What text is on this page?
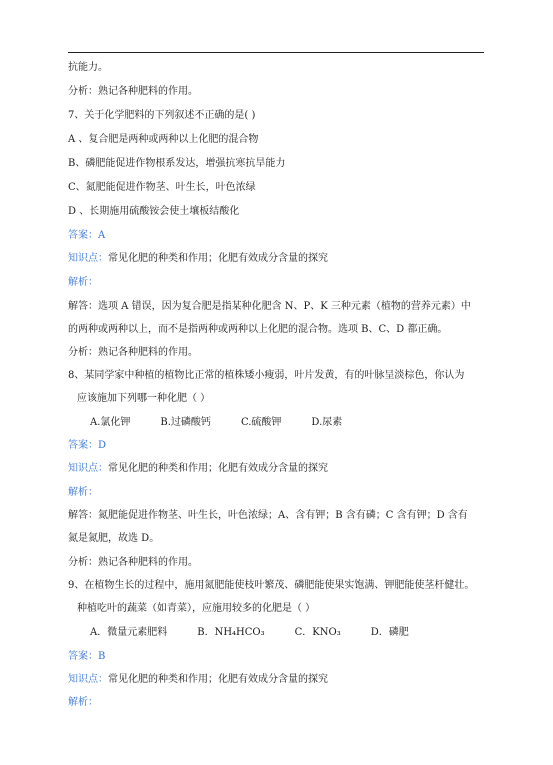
抗能力。
分析：熟记各种肥料的作用。
7、关于化学肥料的下列叙述不正确的是( )
A 、复合肥是两种或两种以上化肥的混合物
B、磷肥能促进作物根系发达，增强抗寒抗旱能力
C、氮肥能促进作物茎、叶生长，叶色浓绿
D 、长期施用硫酸铵会使土壤板结酸化
答案：A
知识点：常见化肥的种类和作用；化肥有效成分含量的探究
解析：
解答：选项 A 错误，因为复合肥是指某种化肥含 N、P、K 三种元素（植物的营养元素）中
的两种或两种以上，而不是指两种或两种以上化肥的混合物。选项 B、C、D 都正确。
分析：熟记各种肥料的作用。
8、某同学家中种植的植物比正常的植株矮小瘦弱，叶片发黄，有的叶脉呈淡棕色，你认为
应该施加下列哪一种化肥（ ）
A.氯化钾	B.过磷酸钙	C.硫酸钾	D.尿素
答案：D
知识点：常见化肥的种类和作用；化肥有效成分含量的探究
解析：
解答：氮肥能促进作物茎、叶生长，叶色浓绿；A、含有钾；B 含有磷；C 含有钾；D 含有
氮是氮肥，故选 D。
分析：熟记各种肥料的作用。
9、在植物生长的过程中，施用氮肥能使枝叶繁茂、磷肥能使果实饱满、钾肥能使茎杆健壮。
种植吃叶的蔬菜（如青菜），应施用较多的化肥是（ ）
A．微量元素肥料	B．NH₄HCO₃	C．KNO₃	D．磷肥
答案：B
知识点：常见化肥的种类和作用；化肥有效成分含量的探究
解析：
